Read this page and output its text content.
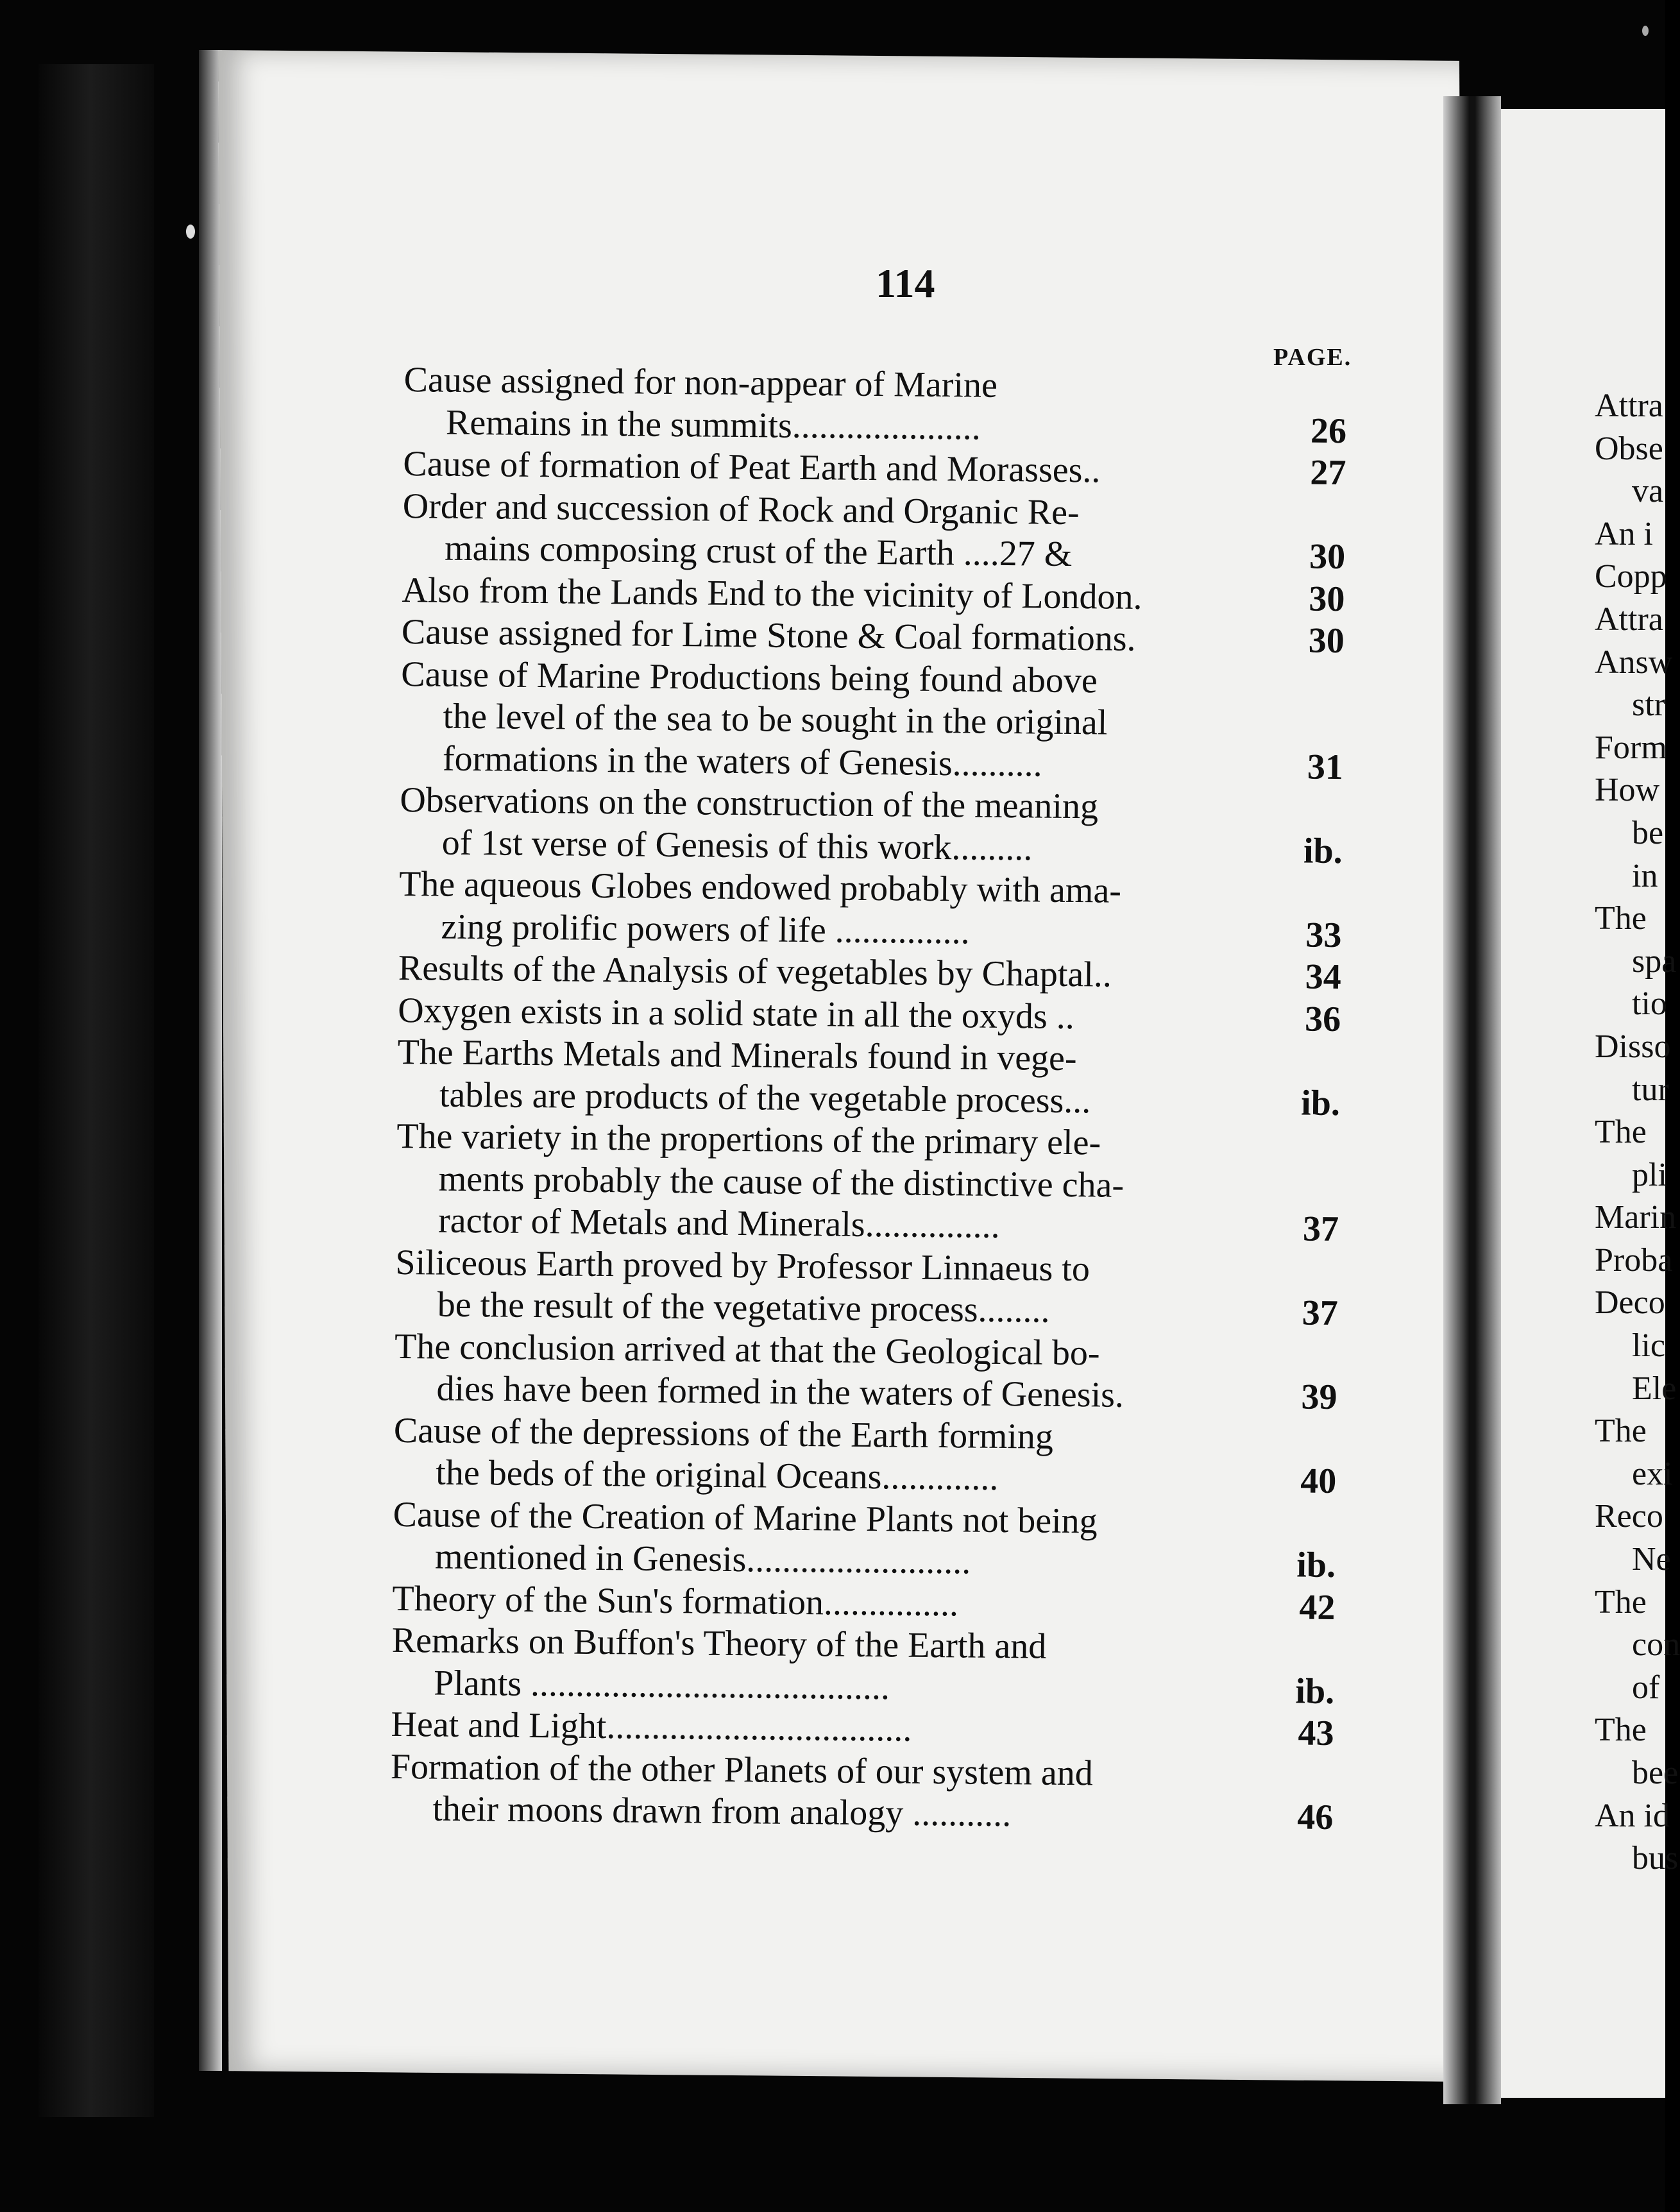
114
PAGE.
Cause assigned for non-appear of Marine
Remains in the summits.....................	26
Cause of formation of Peat Earth and Morasses..	27
Order and succession of Rock and Organic Re-
mains composing crust of the Earth ....27 &	30
Also from the Lands End to the vicinity of London.	30
Cause assigned for Lime Stone & Coal formations.	30
Cause of Marine Productions being found above
the level of the sea to be sought in the original
formations in the waters of Genesis..........	31
Observations on the construction of the meaning
of 1st verse of Genesis of this work.........	ib.
The aqueous Globes endowed probably with ama-
zing prolific powers of life ...............	33
Results of the Analysis of vegetables by Chaptal..	34
Oxygen exists in a solid state in all the oxyds ..	36
The Earths Metals and Minerals found in vege-
tables are products of the vegetable process...	ib.
The variety in the propertions of the primary ele-
ments probably the cause of the distinctive cha-
ractor of Metals and Minerals...............	37
Siliceous Earth proved by Professor Linnaeus to
be the result of the vegetative process........	37
The conclusion arrived at that the Geological bo-
dies have been formed in the waters of Genesis.	39
Cause of the depressions of the Earth forming
the beds of the original Oceans.............	40
Cause of the Creation of Marine Plants not being
mentioned in Genesis.........................	ib.
Theory of the Sun's formation...............	42
Remarks on Buffon's Theory of the Earth and
Plants ........................................	ib.
Heat and Light..................................	43
Formation of the other Planets of our system and
their moons drawn from analogy ...........	46
Attra
Obse
va
An i
Copp
Attra
Answ
str
Form
How
be
in
The
spa
tio
Disso
tur
The
pli
Marin
Proba
Deco
lic
Ele
The
exi
Reco
Ne
The
con
of
The
bee
An id
bus
